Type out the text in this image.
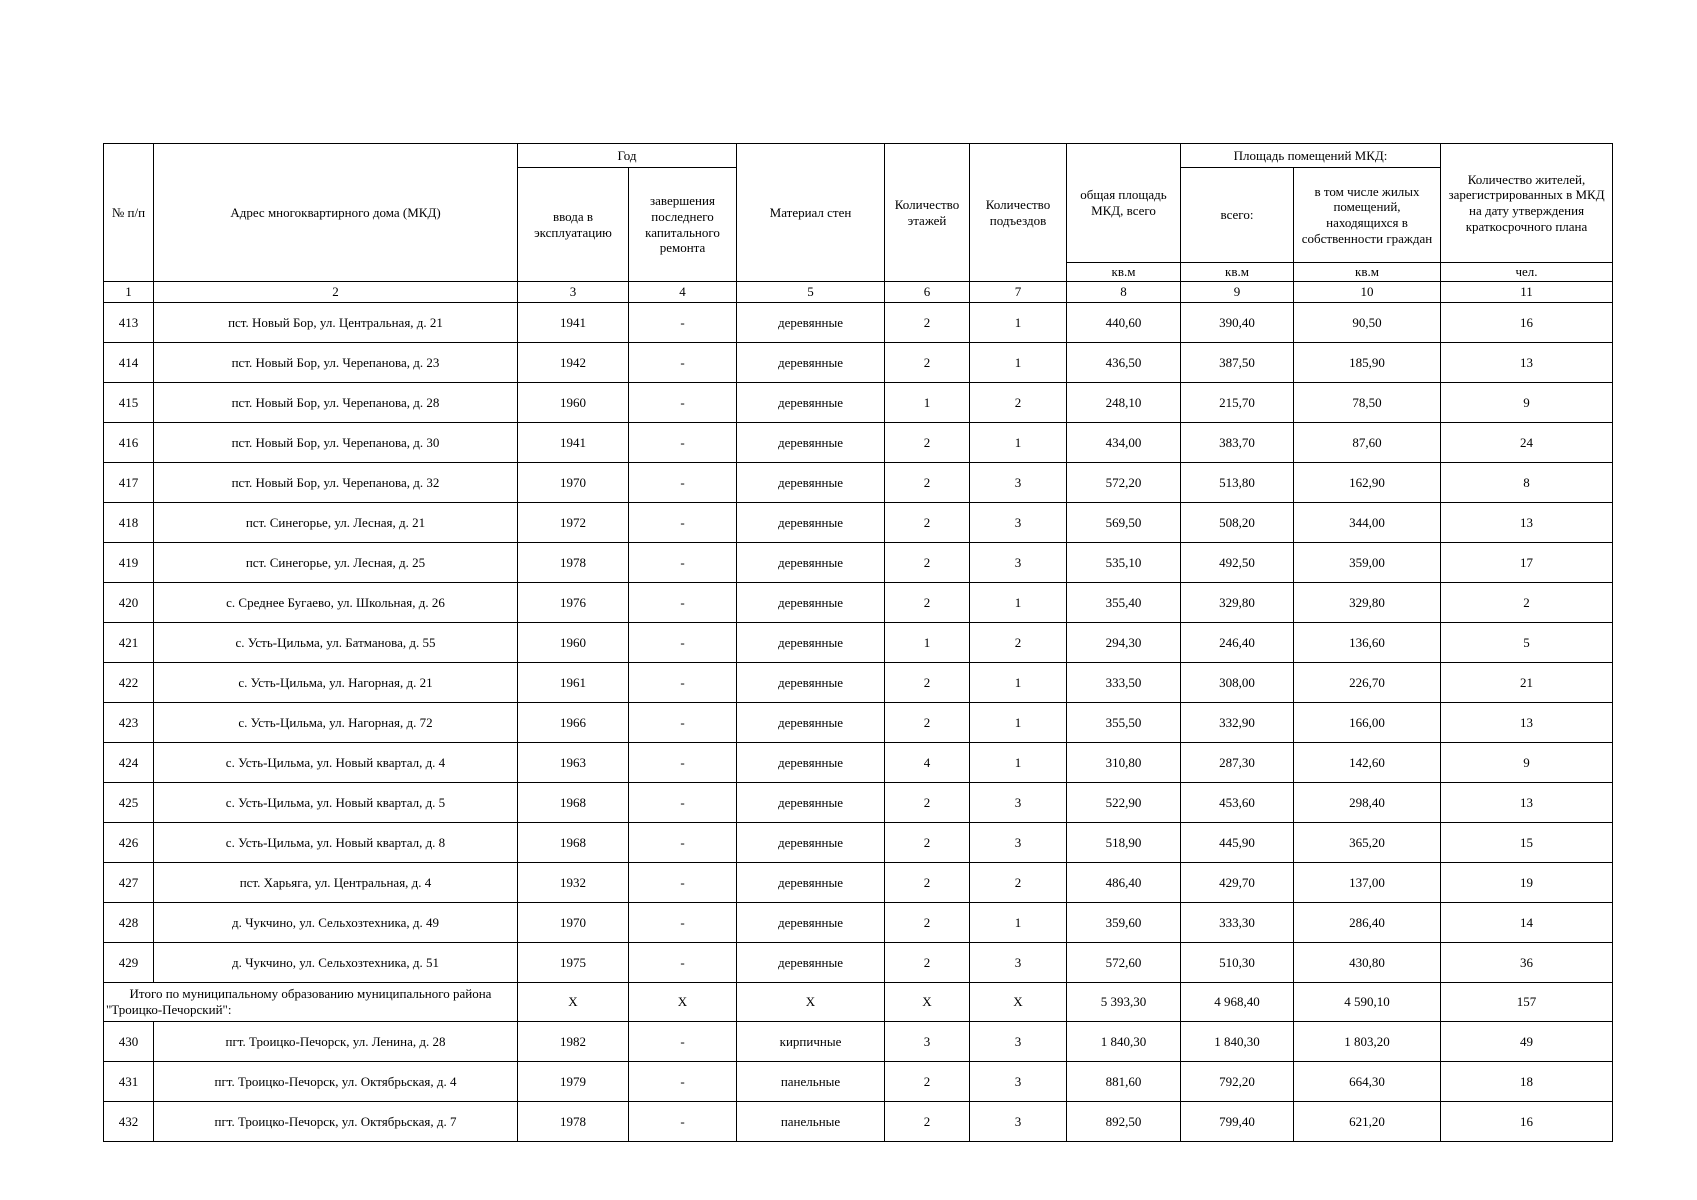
№ п/п	Адрес многоквартирного дома (МКД)	Год		Материал стен	Количество этажей	Количество подъездов	общая площадь МКД, всего	Площадь помещений МКД:		Количество жителей, зарегистрированных в МКД на дату утверждения краткосрочного плана
		ввода в эксплуатацию	завершения последнего капитального ремонта					всего:	в том числе жилых помещений, находящихся в собственности граждан	
							кв.м	кв.м	кв.м	чел.
1	2	3	4	5	6	7	8	9	10	11
413	пст. Новый Бор, ул. Центральная, д. 21	1941	-	деревянные	2	1	440,60	390,40	90,50	16
414	пст. Новый Бор, ул. Черепанова, д. 23	1942	-	деревянные	2	1	436,50	387,50	185,90	13
415	пст. Новый Бор, ул. Черепанова, д. 28	1960	-	деревянные	1	2	248,10	215,70	78,50	9
416	пст. Новый Бор, ул. Черепанова, д. 30	1941	-	деревянные	2	1	434,00	383,70	87,60	24
417	пст. Новый Бор, ул. Черепанова, д. 32	1970	-	деревянные	2	3	572,20	513,80	162,90	8
418	пст. Синегорье, ул. Лесная, д. 21	1972	-	деревянные	2	3	569,50	508,20	344,00	13
419	пст. Синегорье, ул. Лесная, д. 25	1978	-	деревянные	2	3	535,10	492,50	359,00	17
420	с. Среднее Бугаево, ул. Школьная, д. 26	1976	-	деревянные	2	1	355,40	329,80	329,80	2
421	с. Усть-Цильма, ул. Батманова, д. 55	1960	-	деревянные	1	2	294,30	246,40	136,60	5
422	с. Усть-Цильма, ул. Нагорная, д. 21	1961	-	деревянные	2	1	333,50	308,00	226,70	21
423	с. Усть-Цильма, ул. Нагорная, д. 72	1966	-	деревянные	2	1	355,50	332,90	166,00	13
424	с. Усть-Цильма, ул. Новый квартал, д. 4	1963	-	деревянные	4	1	310,80	287,30	142,60	9
425	с. Усть-Цильма, ул. Новый квартал, д. 5	1968	-	деревянные	2	3	522,90	453,60	298,40	13
426	с. Усть-Цильма, ул. Новый квартал, д. 8	1968	-	деревянные	2	3	518,90	445,90	365,20	15
427	пст. Харьяга, ул. Центральная, д. 4	1932	-	деревянные	2	2	486,40	429,70	137,00	19
428	д. Чукчино, ул. Сельхозтехника, д. 49	1970	-	деревянные	2	1	359,60	333,30	286,40	14
429	д. Чукчино, ул. Сельхозтехника, д. 51	1975	-	деревянные	2	3	572,60	510,30	430,80	36
Итого по муниципальному образованию муниципального района "Троицко-Печорский":		X	X	X	X	X	5 393,30	4 968,40	4 590,10	157
430	пгт. Троицко-Печорск, ул. Ленина, д. 28	1982	-	кирпичные	3	3	1 840,30	1 840,30	1 803,20	49
431	пгт. Троицко-Печорск, ул. Октябрьская, д. 4	1979	-	панельные	2	3	881,60	792,20	664,30	18
432	пгт. Троицко-Печорск, ул. Октябрьская, д. 7	1978	-	панельные	2	3	892,50	799,40	621,20	16
